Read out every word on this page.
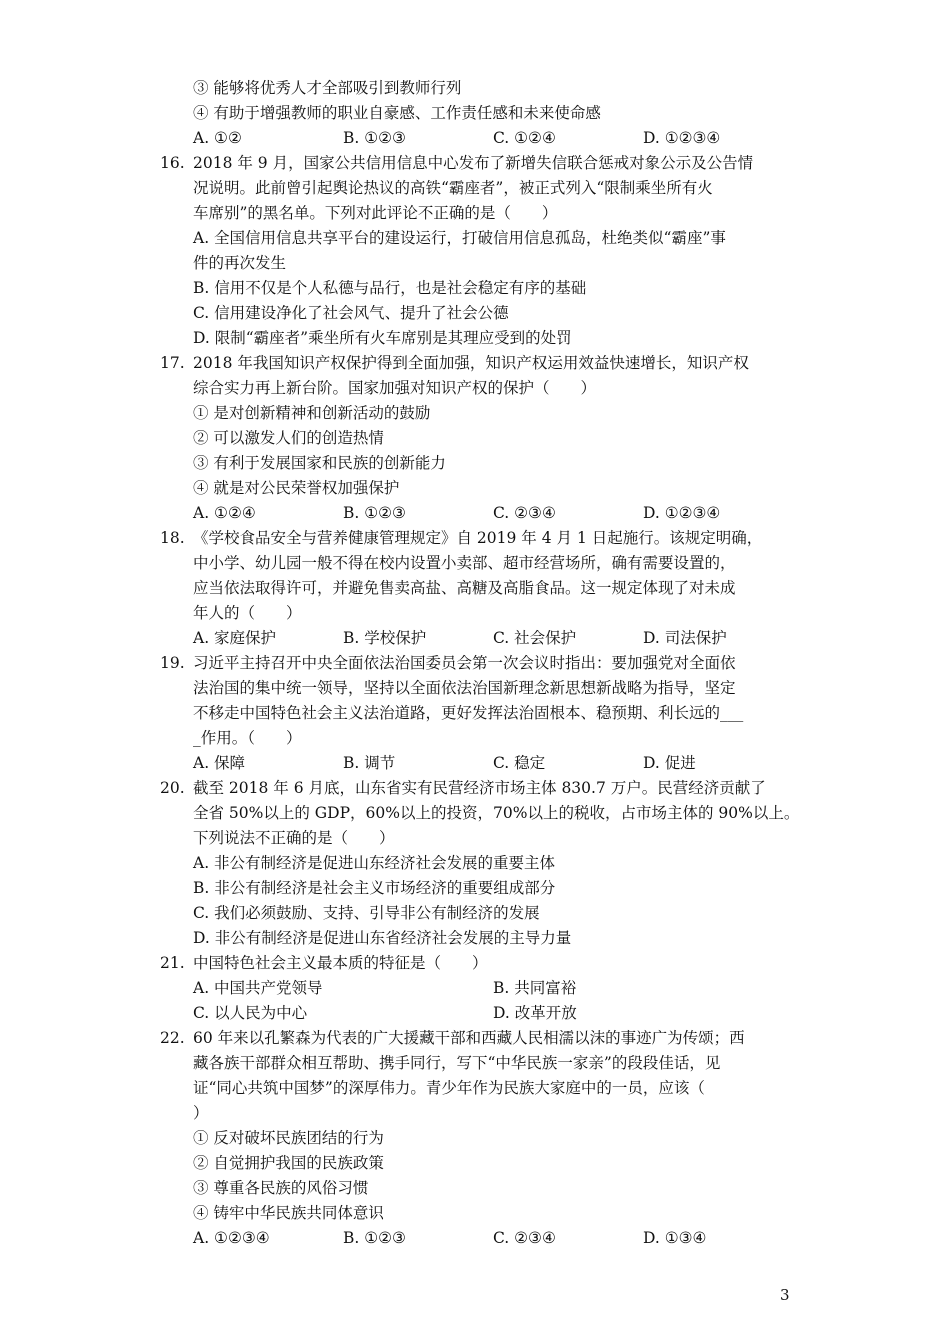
③ 能够将优秀人才全部吸引到教师行列
④ 有助于增强教师的职业自豪感、工作责任感和未来使命感
A. ①②	B. ①②③	C. ①②④	D. ①②③④
16. 2018 年 9 月，国家公共信用信息中心发布了新增失信联合惩戒对象公示及公告情
况说明。此前曾引起舆论热议的高铁“霸座者”，被正式列入“限制乘坐所有火
车席别”的黑名单。下列对此评论不正确的是（　　）
A. 全国信用信息共享平台的建设运行，打破信用信息孤岛，杜绝类似“霸座”事
件的再次发生
B. 信用不仅是个人私德与品行，也是社会稳定有序的基础
C. 信用建设净化了社会风气、提升了社会公德
D. 限制“霸座者”乘坐所有火车席别是其理应受到的处罚
17. 2018 年我国知识产权保护得到全面加强，知识产权运用效益快速增长，知识产权
综合实力再上新台阶。国家加强对知识产权的保护（　　）
① 是对创新精神和创新活动的鼓励
② 可以激发人们的创造热情
③ 有利于发展国家和民族的创新能力
④ 就是对公民荣誉权加强保护
A. ①②④	B. ①②③	C. ②③④	D. ①②③④
18. 《学校食品安全与营养健康管理规定》自 2019 年 4 月 1 日起施行。该规定明确，
中小学、幼儿园一般不得在校内设置小卖部、超市经营场所，确有需要设置的，
应当依法取得许可，并避免售卖高盐、高糖及高脂食品。这一规定体现了对未成
年人的（　　）
A. 家庭保护	B. 学校保护	C. 社会保护	D. 司法保护
19. 习近平主持召开中央全面依法治国委员会第一次会议时指出：要加强党对全面依
法治国的集中统一领导，坚持以全面依法治国新理念新思想新战略为指导，坚定
不移走中国特色社会主义法治道路，更好发挥法治固根本、稳预期、利长远的___
_作用。（　　）
A. 保障	B. 调节	C. 稳定	D. 促进
20. 截至 2018 年 6 月底，山东省实有民营经济市场主体 830.7 万户。民营经济贡献了
全省 50%以上的 GDP，60%以上的投资，70%以上的税收，占市场主体的 90%以上。
下列说法不正确的是（　　）
A. 非公有制经济是促进山东经济社会发展的重要主体
B. 非公有制经济是社会主义市场经济的重要组成部分
C. 我们必须鼓励、支持、引导非公有制经济的发展
D. 非公有制经济是促进山东省经济社会发展的主导力量
21. 中国特色社会主义最本质的特征是（　　）
A. 中国共产党领导	B. 共同富裕
C. 以人民为中心	D. 改革开放
22. 60 年来以孔繁森为代表的广大援藏干部和西藏人民相濡以沫的事迹广为传颂；西
藏各族干部群众相互帮助、携手同行，写下“中华民族一家亲”的段段佳话，见
证“同心共筑中国梦”的深厚伟力。青少年作为民族大家庭中的一员，应该（
）
① 反对破坏民族团结的行为
② 自觉拥护我国的民族政策
③ 尊重各民族的风俗习惯
④ 铸牢中华民族共同体意识
A. ①②③④	B. ①②③	C. ②③④	D. ①③④
3
